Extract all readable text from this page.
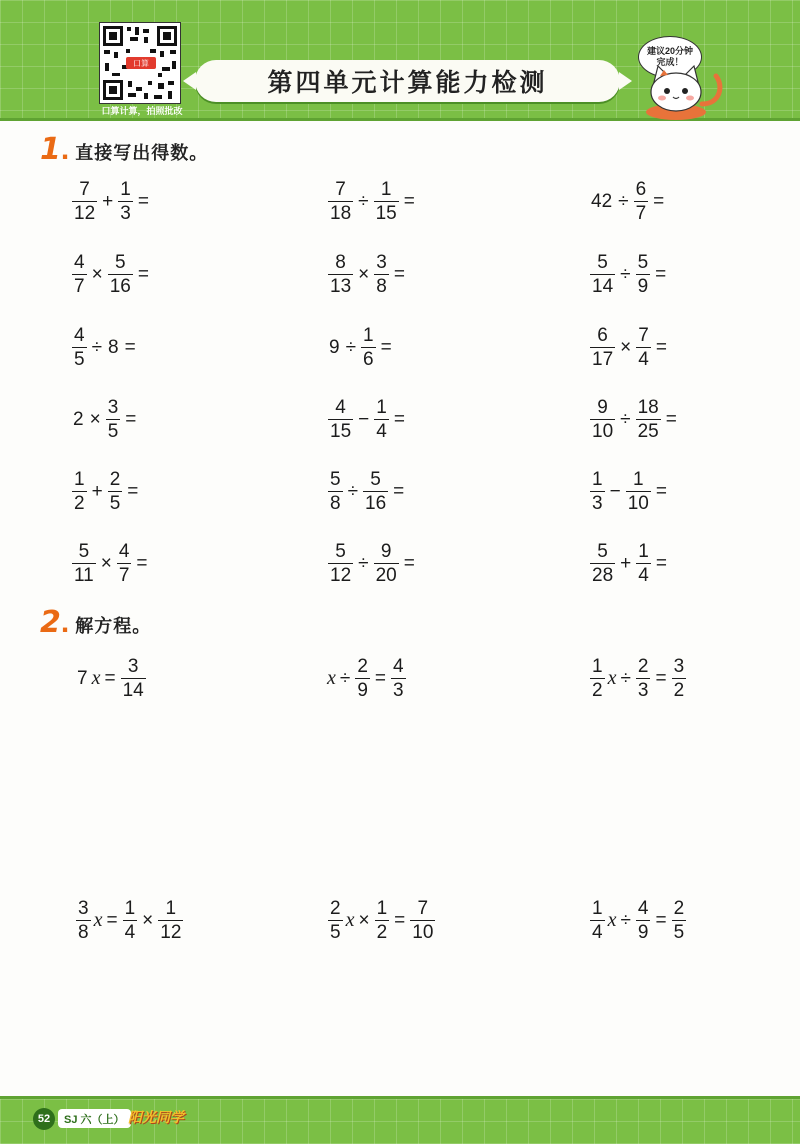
口算
口算计算，拍照批改
第四单元计算能力检测
建议20分钟完成！
1 . 直接写出得数。
$\frac{7}{12} + \frac{1}{3}$ =	$\frac{7}{18} \div \frac{1}{15}$ =	$42 \div \frac{6}{7}$ =
$\frac{4}{7} \times \frac{5}{16}$ =	$\frac{8}{13} \times \frac{3}{8}$ =	$\frac{5}{14} \div \frac{5}{9}$ =
$\frac{4}{5} \div 8$ =	$9 \div \frac{1}{6}$ =	$\frac{6}{17} \times \frac{7}{4}$ =
$2 \times \frac{3}{5}$ =	$\frac{4}{15} - \frac{1}{4}$ =	$\frac{9}{10} \div \frac{18}{25}$ =
$\frac{1}{2} + \frac{2}{5}$ =	$\frac{5}{8} \div \frac{5}{16}$ =	$\frac{1}{3} - \frac{1}{10}$ =
$\frac{5}{11} \times \frac{4}{7}$ =	$\frac{5}{12} \div \frac{9}{20}$ =	$\frac{5}{28} + \frac{1}{4}$ =
2 . 解方程。
7 $x = \frac{3}{14}$	$x \div \frac{2}{9} = \frac{4}{3}$	$\frac{1}{2}$ $x \div \frac{2}{3} = \frac{3}{2}$
$\frac{3}{8}$ $x = \frac{1}{4} \times \frac{1}{12}$	$\frac{2}{5}$ $x \times \frac{1}{2} = \frac{7}{10}$	$\frac{1}{4}$ $x \div \frac{4}{9} = \frac{2}{5}$
52	SJ 六（上） 阳光同学
